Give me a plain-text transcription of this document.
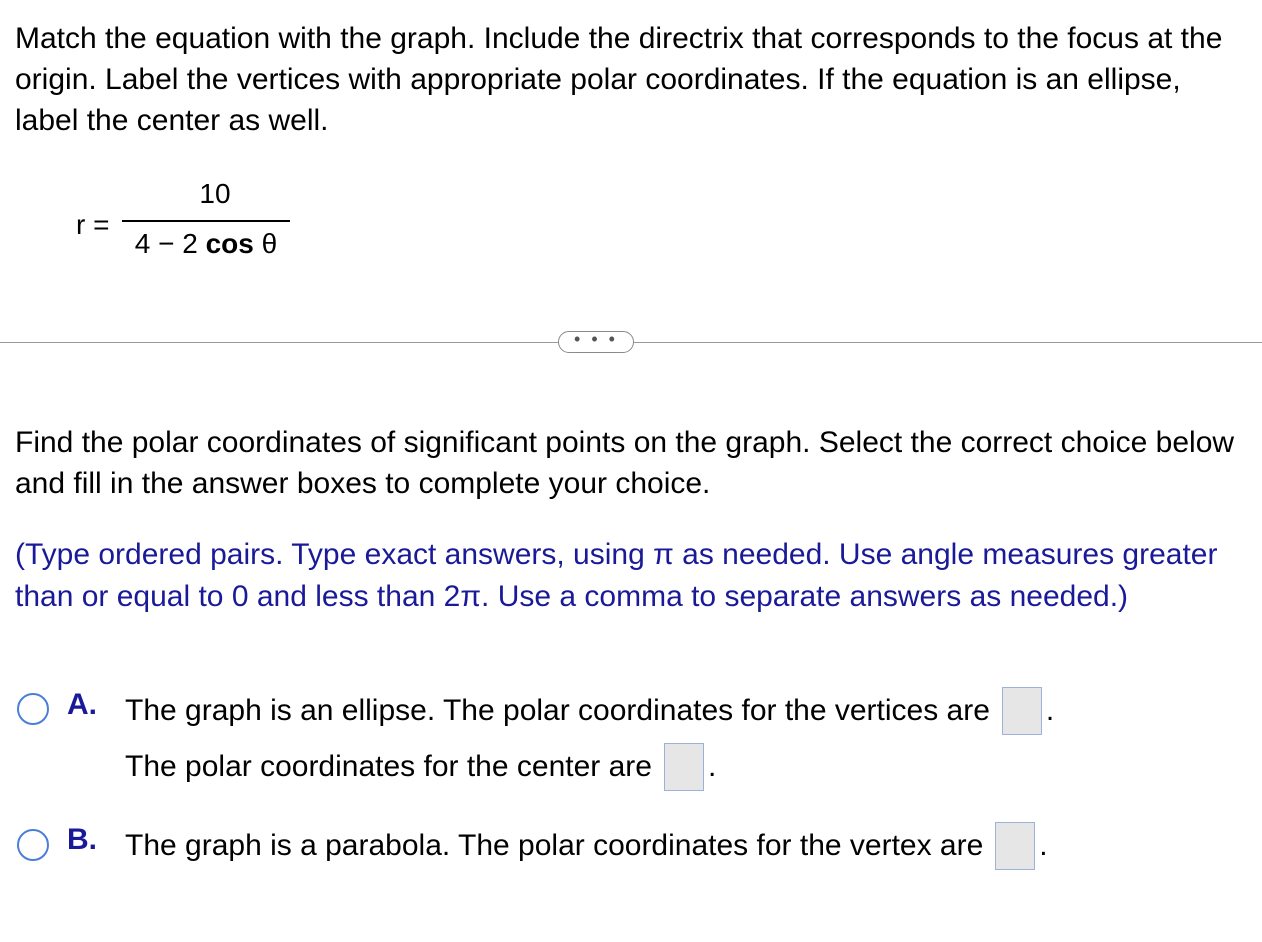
Match the equation with the graph. Include the directrix that corresponds to the focus at the origin. Label the vertices with appropriate polar coordinates. If the equation is an ellipse, label the center as well.
r =
10
4 − 2 cos θ
• • •
Find the polar coordinates of significant points on the graph. Select the correct choice below and fill in the answer boxes to complete your choice.
(Type ordered pairs. Type exact answers, using π as needed. Use angle measures greater than or equal to 0 and less than 2π. Use a comma to separate answers as needed.)
A. The graph is an ellipse. The polar coordinates for the vertices are .
The polar coordinates for the center are .
B. The graph is a parabola. The polar coordinates for the vertex are .
